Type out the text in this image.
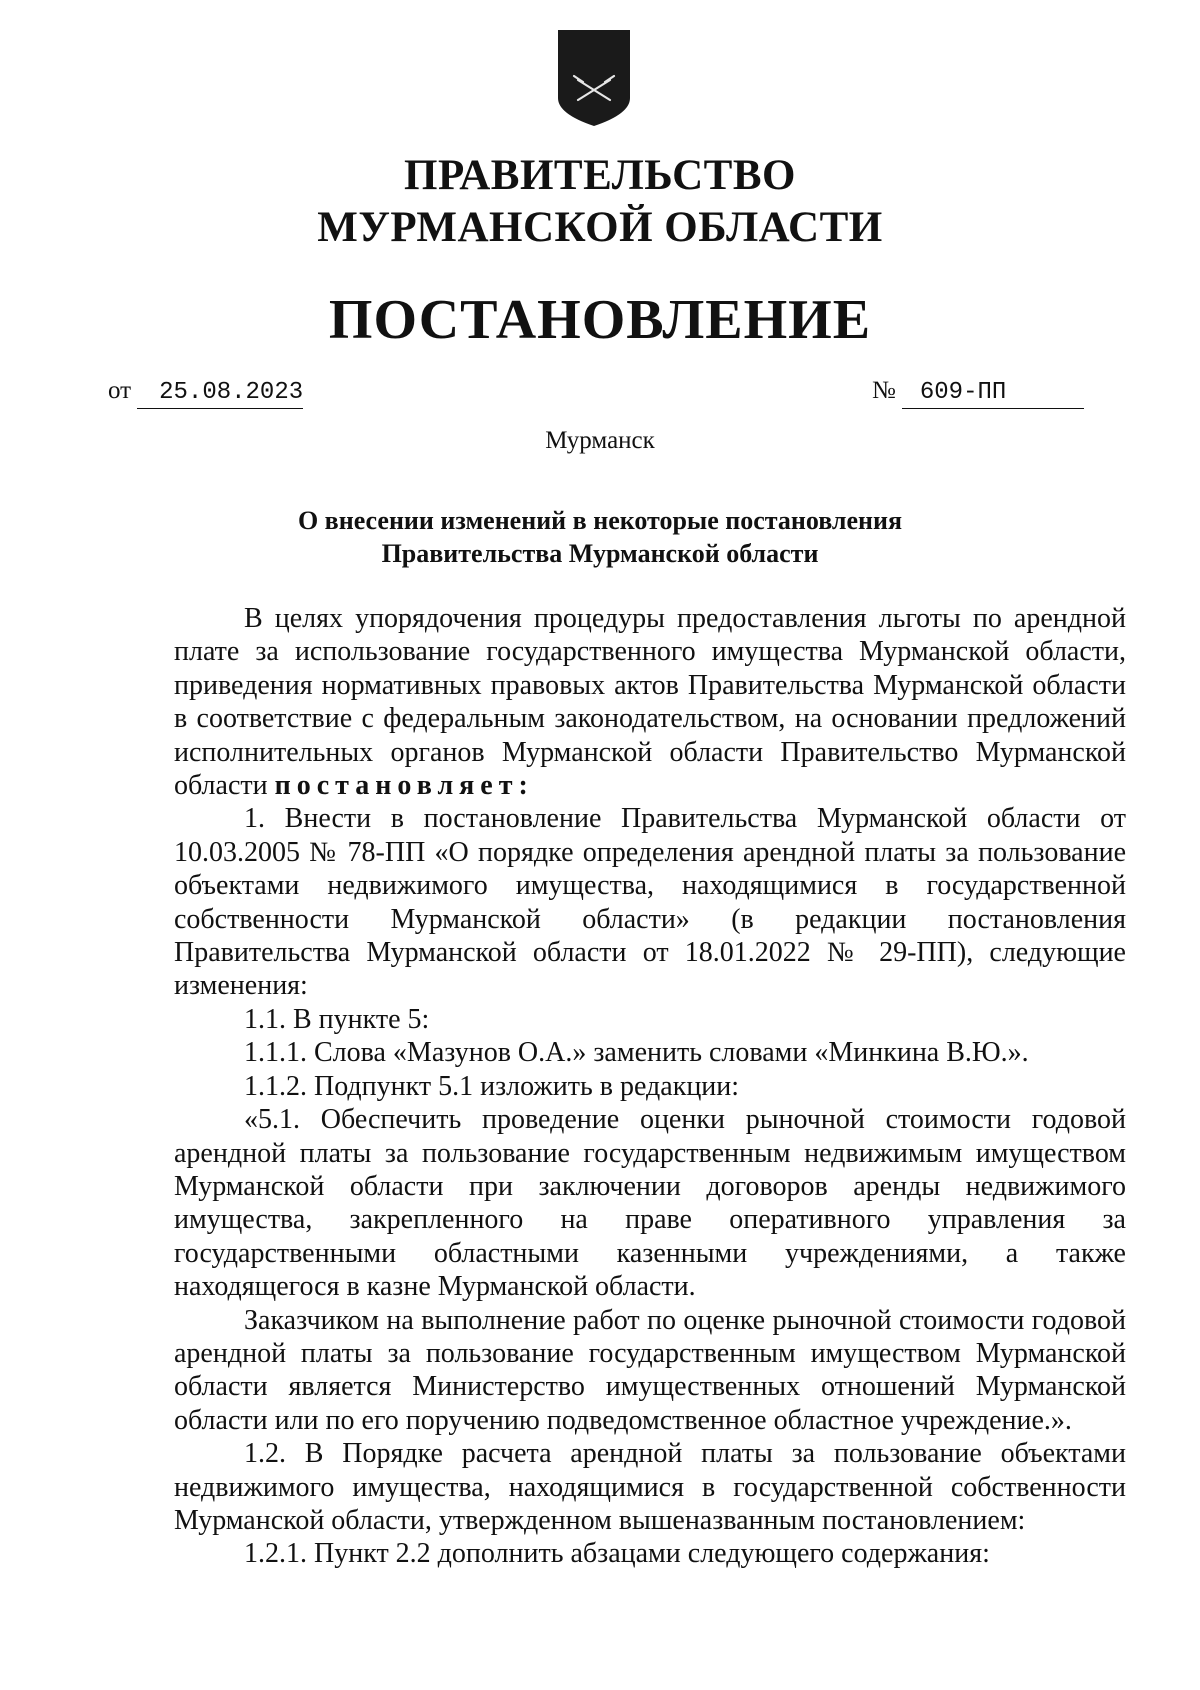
ПРАВИТЕЛЬСТВО
МУРМАНСКОЙ ОБЛАСТИ
ПОСТАНОВЛЕНИЕ
от 25.08.2023	№ 609-ПП
Мурманск
О внесении изменений в некоторые постановления
Правительства Мурманской области

В целях упорядочения процедуры предоставления льготы по арендной плате за использование государственного имущества Мурманской области, приведения нормативных правовых актов Правительства Мурманской области в соответствие с федеральным законодательством, на основании предложений исполнительных органов Мурманской области Правительство Мурманской области постановляет:

1. Внести в постановление Правительства Мурманской области от 10.03.2005 № 78-ПП «О порядке определения арендной платы за пользование объектами недвижимого имущества, находящимися в государственной собственности Мурманской области» (в редакции постановления Правительства Мурманской области от 18.01.2022 № 29-ПП), следующие изменения:

1.1. В пункте 5:

1.1.1. Слова «Мазунов О.А.» заменить словами «Минкина В.Ю.».

1.1.2. Подпункт 5.1 изложить в редакции:

«5.1. Обеспечить проведение оценки рыночной стоимости годовой арендной платы за пользование государственным недвижимым имуществом Мурманской области при заключении договоров аренды недвижимого имущества, закрепленного на праве оперативного управления за государственными областными казенными учреждениями, а также находящегося в казне Мурманской области.

Заказчиком на выполнение работ по оценке рыночной стоимости годовой арендной платы за пользование государственным имуществом Мурманской области является Министерство имущественных отношений Мурманской области или по его поручению подведомственное областное учреждение.».

1.2. В Порядке расчета арендной платы за пользование объектами недвижимого имущества, находящимися в государственной собственности Мурманской области, утвержденном вышеназванным постановлением:

1.2.1. Пункт 2.2 дополнить абзацами следующего содержания:
